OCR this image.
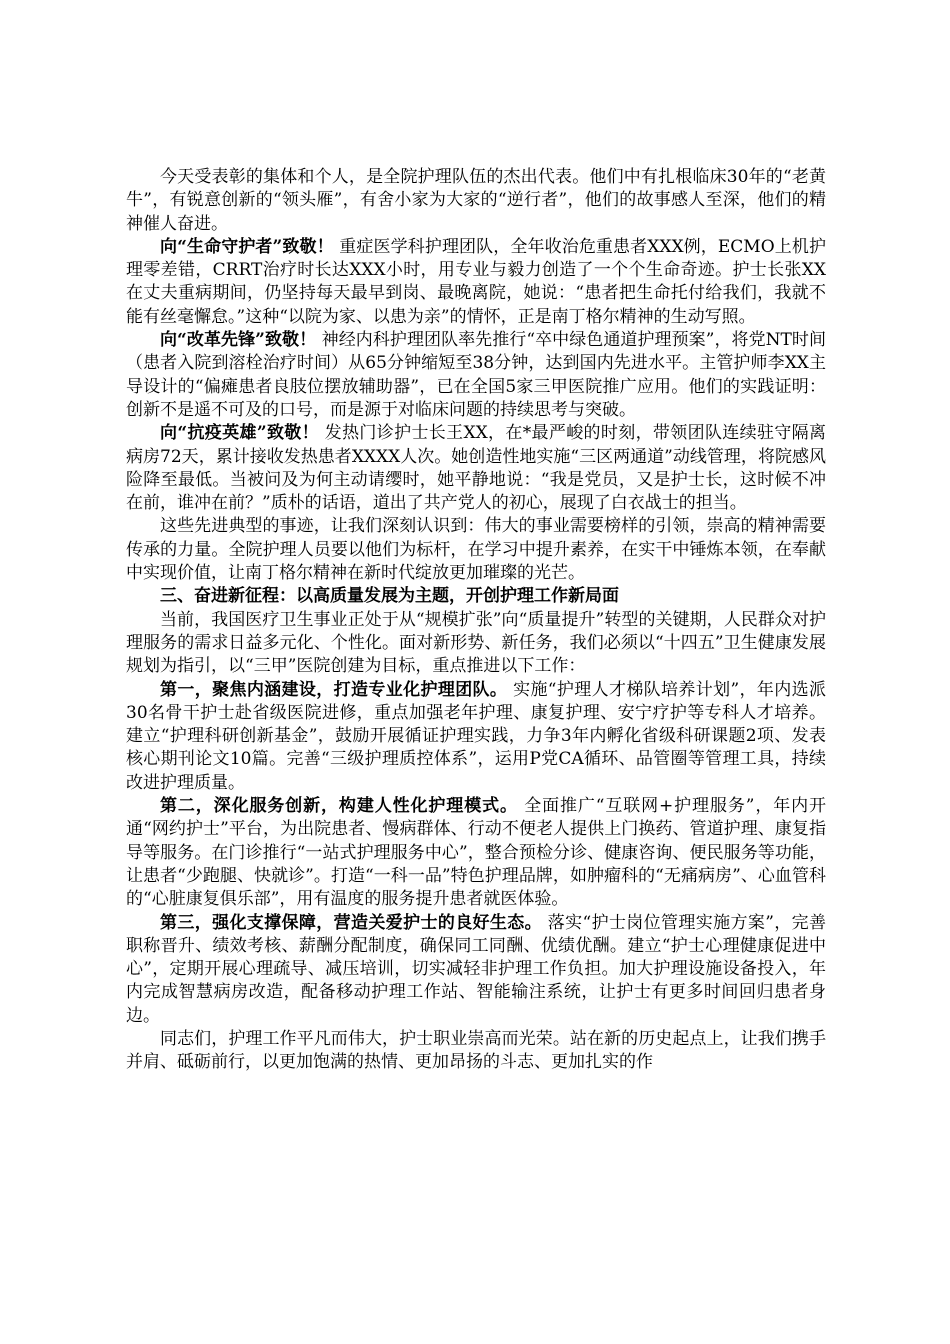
今天受表彰的集体和个人，是全院护理队伍的杰出代表。他们中有扎根临床30年的“老黄牛”，有锐意创新的“领头雁”，有舍小家为大家的“逆行者”，他们的故事感人至深，他们的精神催人奋进。

向“生命守护者”致敬！ 重症医学科护理团队，全年收治危重患者XXX例，ECMO上机护理零差错，CRRT治疗时长达XXX小时，用专业与毅力创造了一个个生命奇迹。护士长张XX在丈夫重病期间，仍坚持每天最早到岗、最晚离院，她说：“患者把生命托付给我们，我就不能有丝毫懈怠。”这种“以院为家、以患为亲”的情怀，正是南丁格尔精神的生动写照。

向“改革先锋”致敬！ 神经内科护理团队率先推行“卒中绿色通道护理预案”，将党NT时间（患者入院到溶栓治疗时间）从65分钟缩短至38分钟，达到国内先进水平。主管护师李XX主导设计的“偏瘫患者良肢位摆放辅助器”，已在全国5家三甲医院推广应用。他们的实践证明：创新不是遥不可及的口号，而是源于对临床问题的持续思考与突破。

向“抗疫英雄”致敬！ 发热门诊护士长王XX，在*最严峻的时刻，带领团队连续驻守隔离病房72天，累计接收发热患者XXXX人次。她创造性地实施“三区两通道”动线管理，将院感风险降至最低。当被问及为何主动请缨时，她平静地说：“我是党员，又是护士长，这时候不冲在前，谁冲在前？”质朴的话语，道出了共产党人的初心，展现了白衣战士的担当。

这些先进典型的事迹，让我们深刻认识到：伟大的事业需要榜样的引领，崇高的精神需要传承的力量。全院护理人员要以他们为标杆，在学习中提升素养，在实干中锤炼本领，在奉献中实现价值，让南丁格尔精神在新时代绽放更加璀璨的光芒。

三、奋进新征程：以高质量发展为主题，开创护理工作新局面

当前，我国医疗卫生事业正处于从“规模扩张”向“质量提升”转型的关键期，人民群众对护理服务的需求日益多元化、个性化。面对新形势、新任务，我们必须以“十四五”卫生健康发展规划为指引，以“三甲”医院创建为目标，重点推进以下工作：

第一，聚焦内涵建设，打造专业化护理团队。 实施“护理人才梯队培养计划”，年内选派30名骨干护士赴省级医院进修，重点加强老年护理、康复护理、安宁疗护等专科人才培养。建立“护理科研创新基金”，鼓励开展循证护理实践，力争3年内孵化省级科研课题2项、发表核心期刊论文10篇。完善“三级护理质控体系”，运用P党CA循环、品管圈等管理工具，持续改进护理质量。

第二，深化服务创新，构建人性化护理模式。 全面推广“互联网+护理服务”，年内开通“网约护士”平台，为出院患者、慢病群体、行动不便老人提供上门换药、管道护理、康复指导等服务。在门诊推行“一站式护理服务中心”，整合预检分诊、健康咨询、便民服务等功能，让患者“少跑腿、快就诊”。打造“一科一品”特色护理品牌，如肿瘤科的“无痛病房”、心血管科的“心脏康复俱乐部”，用有温度的服务提升患者就医体验。

第三，强化支撑保障，营造关爱护士的良好生态。 落实“护士岗位管理实施方案”，完善职称晋升、绩效考核、薪酬分配制度，确保同工同酬、优绩优酬。建立“护士心理健康促进中心”，定期开展心理疏导、减压培训，切实减轻非护理工作负担。加大护理设施设备投入，年内完成智慧病房改造，配备移动护理工作站、智能输注系统，让护士有更多时间回归患者身边。

同志们，护理工作平凡而伟大，护士职业崇高而光荣。站在新的历史起点上，让我们携手并肩、砥砺前行，以更加饱满的热情、更加昂扬的斗志、更加扎实的作
